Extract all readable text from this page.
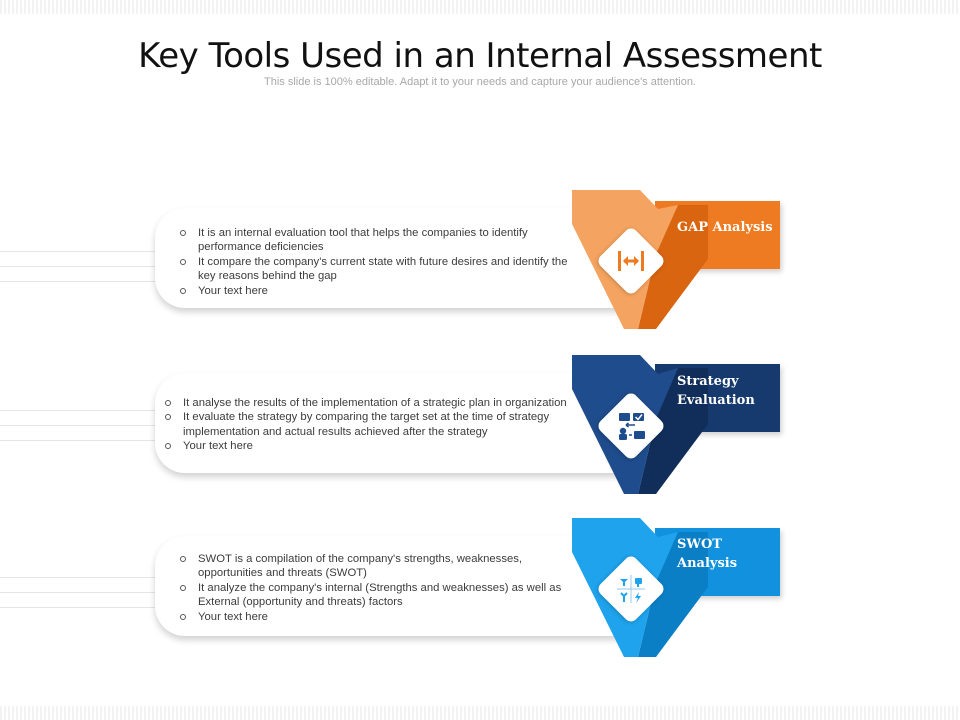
Key Tools Used in an Internal Assessment
This slide is 100% editable. Adapt it to your needs and capture your audience's attention.
It is an internal evaluation tool that helps the companies to identify performance deficiencies
It compare the company's current state with future desires and identify the key reasons behind the gap
Your text here
GAP Analysis
It analyse the results of the implementation of a strategic plan in organization
It evaluate the strategy by comparing the target set at the time of strategy implementation and actual results achieved after the strategy
Your text here
Strategy
Evaluation
SWOT is a compilation of the company's strengths, weaknesses, opportunities and threats (SWOT)
It analyze the company's internal (Strengths and weaknesses) as well as External (opportunity and threats) factors
Your text here
SWOT
Analysis
